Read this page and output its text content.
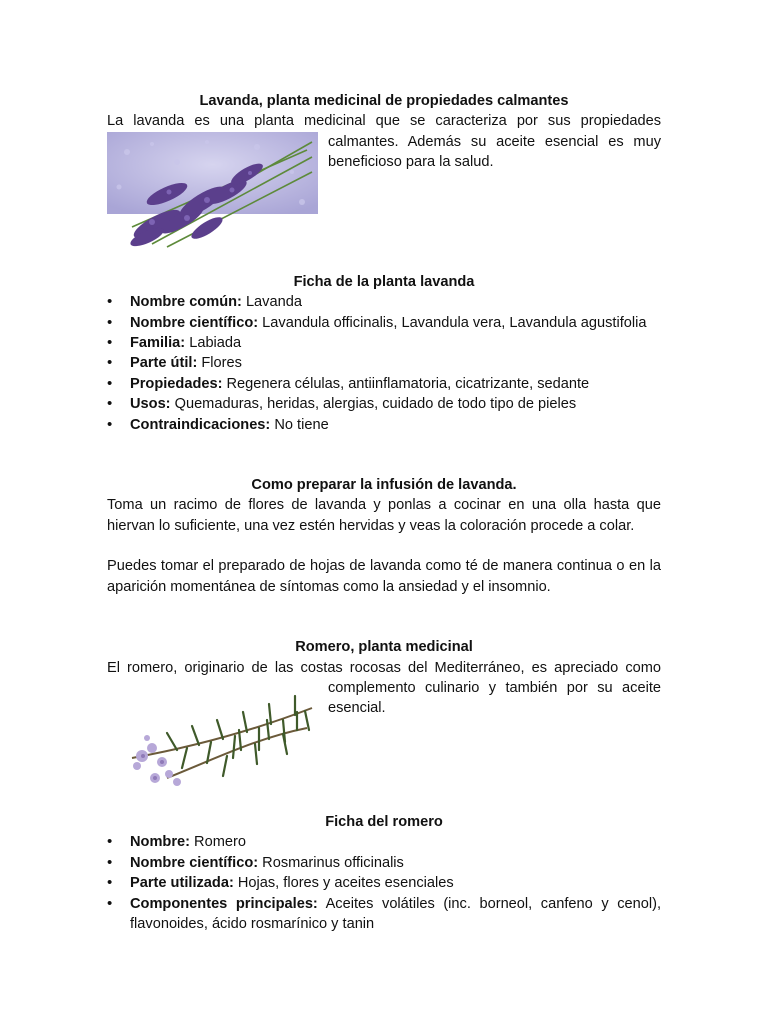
Lavanda, planta medicinal de propiedades calmantes

La lavanda es una planta medicinal que se caracteriza por sus propiedades

calmantes. Además su aceite esencial es muy beneficioso para la salud.

Ficha de la planta lavanda
• Nombre común: Lavanda
• Nombre científico: Lavandula officinalis, Lavandula vera, Lavandula agustifolia
• Familia: Labiada
• Parte útil: Flores
• Propiedades: Regenera células, antiinflamatoria, cicatrizante, sedante
• Usos: Quemaduras, heridas, alergias, cuidado de todo tipo de pieles
• Contraindicaciones: No tiene
Como preparar la infusión de lavanda.

Toma un racimo de flores de lavanda y ponlas a cocinar en una olla hasta que hiervan lo suficiente, una vez estén hervidas y veas la coloración procede a colar.

Puedes tomar el preparado de hojas de lavanda como té de manera continua o en la aparición momentánea de síntomas como la ansiedad y el insomnio.

Romero, planta medicinal

El romero, originario de las costas rocosas del Mediterráneo, es apreciado como

complemento culinario y también por su aceite esencial.

Ficha del romero
• Nombre: Romero
• Nombre científico: Rosmarinus officinalis
• Parte utilizada: Hojas, flores y aceites esenciales
• Componentes principales: Aceites volátiles (inc. borneol, canfeno y cenol), flavonoides, ácido rosmarínico y tanin
